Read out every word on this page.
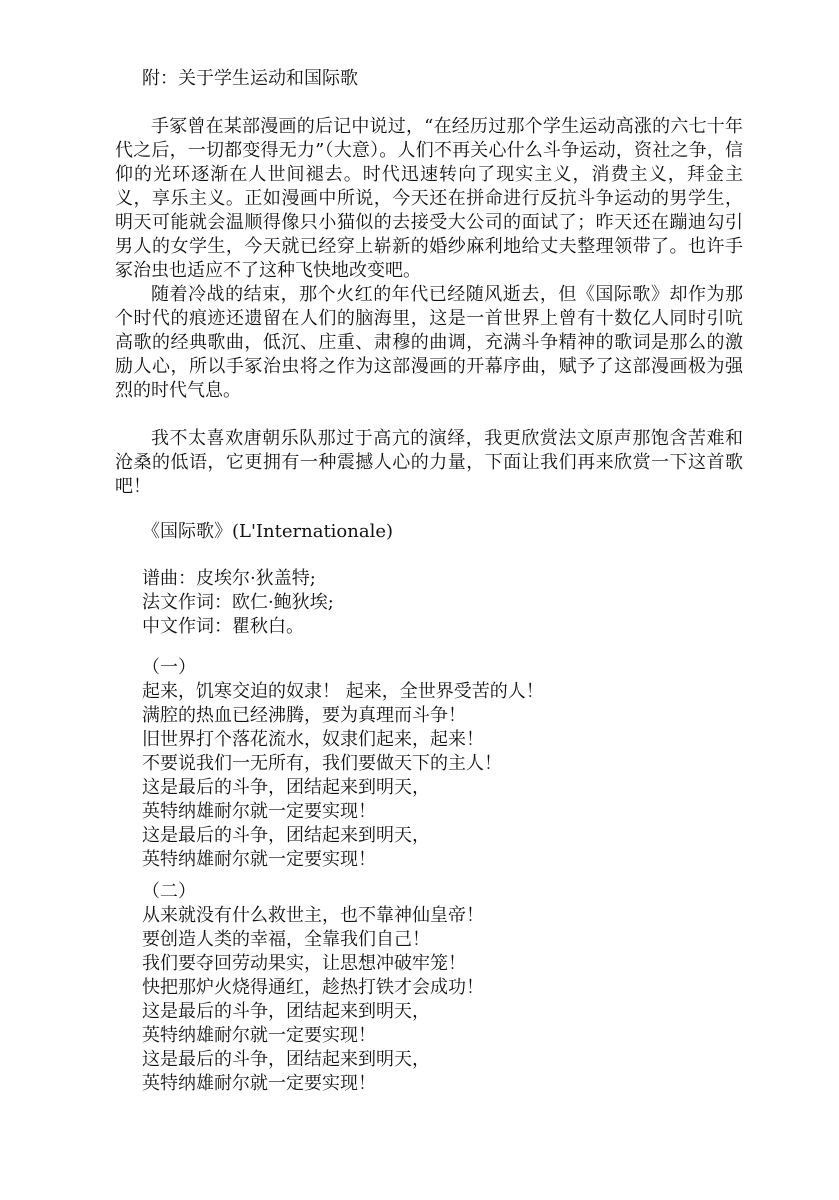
附：关于学生运动和国际歌

手冢曾在某部漫画的后记中说过，“在经历过那个学生运动高涨的六七十年代之后，一切都变得无力”（大意）。人们不再关心什么斗争运动，资社之争，信仰的光环逐渐在人世间褪去。时代迅速转向了现实主义，消费主义，拜金主义，享乐主义。正如漫画中所说，今天还在拼命进行反抗斗争运动的男学生，明天可能就会温顺得像只小猫似的去接受大公司的面试了；昨天还在蹦迪勾引男人的女学生，今天就已经穿上崭新的婚纱麻利地给丈夫整理领带了。也许手冢治虫也适应不了这种飞快地改变吧。

随着冷战的结束，那个火红的年代已经随风逝去，但《国际歌》却作为那个时代的痕迹还遗留在人们的脑海里，这是一首世界上曾有十数亿人同时引吭高歌的经典歌曲，低沉、庄重、肃穆的曲调，充满斗争精神的歌词是那么的激励人心，所以手冢治虫将之作为这部漫画的开幕序曲，赋予了这部漫画极为强烈的时代气息。

我不太喜欢唐朝乐队那过于高亢的演绎，我更欣赏法文原声那饱含苦难和沧桑的低语，它更拥有一种震撼人心的力量，下面让我们再来欣赏一下这首歌吧！

《国际歌》(L'Internationale)
谱曲：皮埃尔·狄盖特;
法文作词：欧仁·鲍狄埃;
中文作词：瞿秋白。
（一）
起来，饥寒交迫的奴隶！ 起来，全世界受苦的人！
满腔的热血已经沸腾，要为真理而斗争！
旧世界打个落花流水，奴隶们起来，起来！
不要说我们一无所有，我们要做天下的主人！
这是最后的斗争，团结起来到明天，
英特纳雄耐尔就一定要实现！
这是最后的斗争，团结起来到明天，
英特纳雄耐尔就一定要实现！
（二）
从来就没有什么救世主，也不靠神仙皇帝！
要创造人类的幸福，全靠我们自己！
我们要夺回劳动果实，让思想冲破牢笼！
快把那炉火烧得通红，趁热打铁才会成功！
这是最后的斗争，团结起来到明天，
英特纳雄耐尔就一定要实现！
这是最后的斗争，团结起来到明天，
英特纳雄耐尔就一定要实现！
